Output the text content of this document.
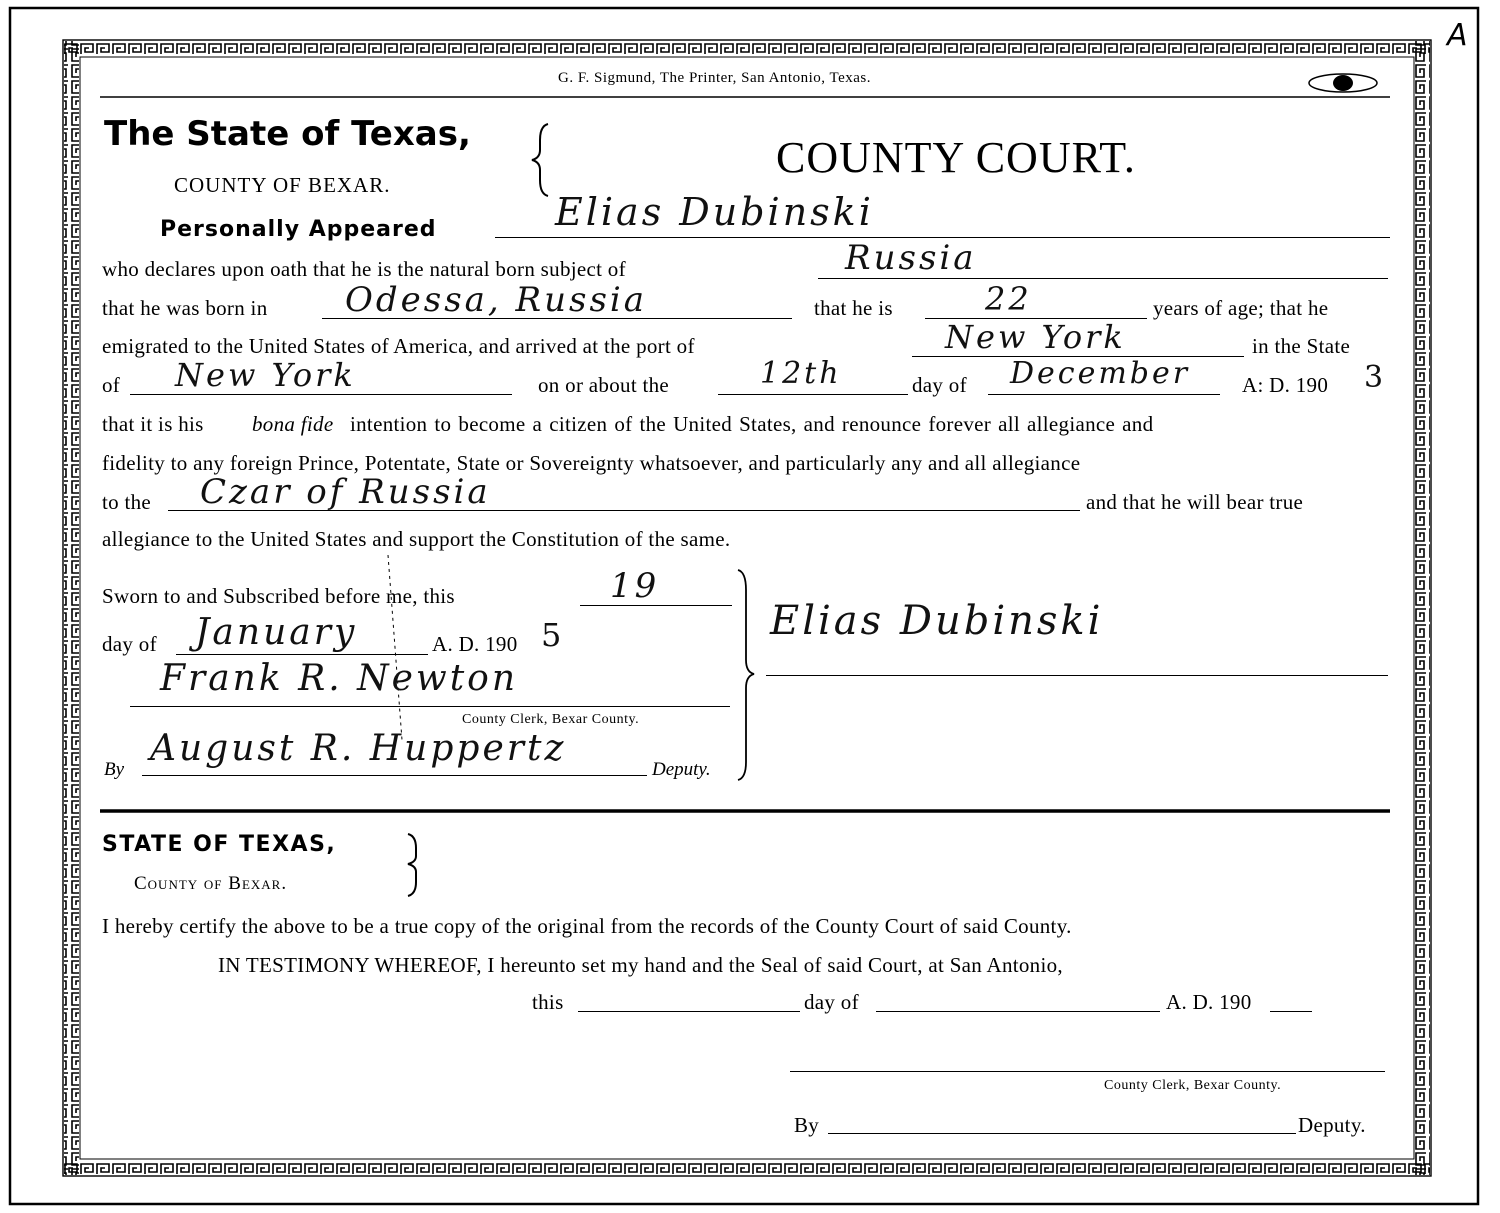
A
G. F. Sigmund, The Printer, San Antonio, Texas.
The State of Texas,
COUNTY OF BEXAR.
COUNTY COURT.
Personally Appeared	Elias Dubinski
who declares upon oath that he is the natural born subject of	Russia
that he was born in Odessa, Russia	that he is	22	years of age; that he
emigrated to the United States of America, and arrived at the port of	New York	in the State
of New York	on or about the	12th	day of December A: D. 190 3
that it is his bona fide intention to become a citizen of the United States, and renounce forever all allegiance and
fidelity to any foreign Prince, Potentate, State or Sovereignty whatsoever, and particularly any and all allegiance
to the Czar of Russia	and that he will bear true
allegiance to the United States and support the Constitution of the same.
Sworn to and Subscribed before me, this	19
day of January	A. D. 190 5
Frank R. Newton
County Clerk, Bexar County.
By
August R. Huppertz
Deputy.
Elias Dubinski
STATE OF TEXAS,
County of Bexar.
I hereby certify the above to be a true copy of the original from the records of the County Court of said County.
IN TESTIMONY WHEREOF, I hereunto set my hand and the Seal of said Court, at San Antonio,
this	day of	A. D. 190
County Clerk, Bexar County.
By	Deputy.
